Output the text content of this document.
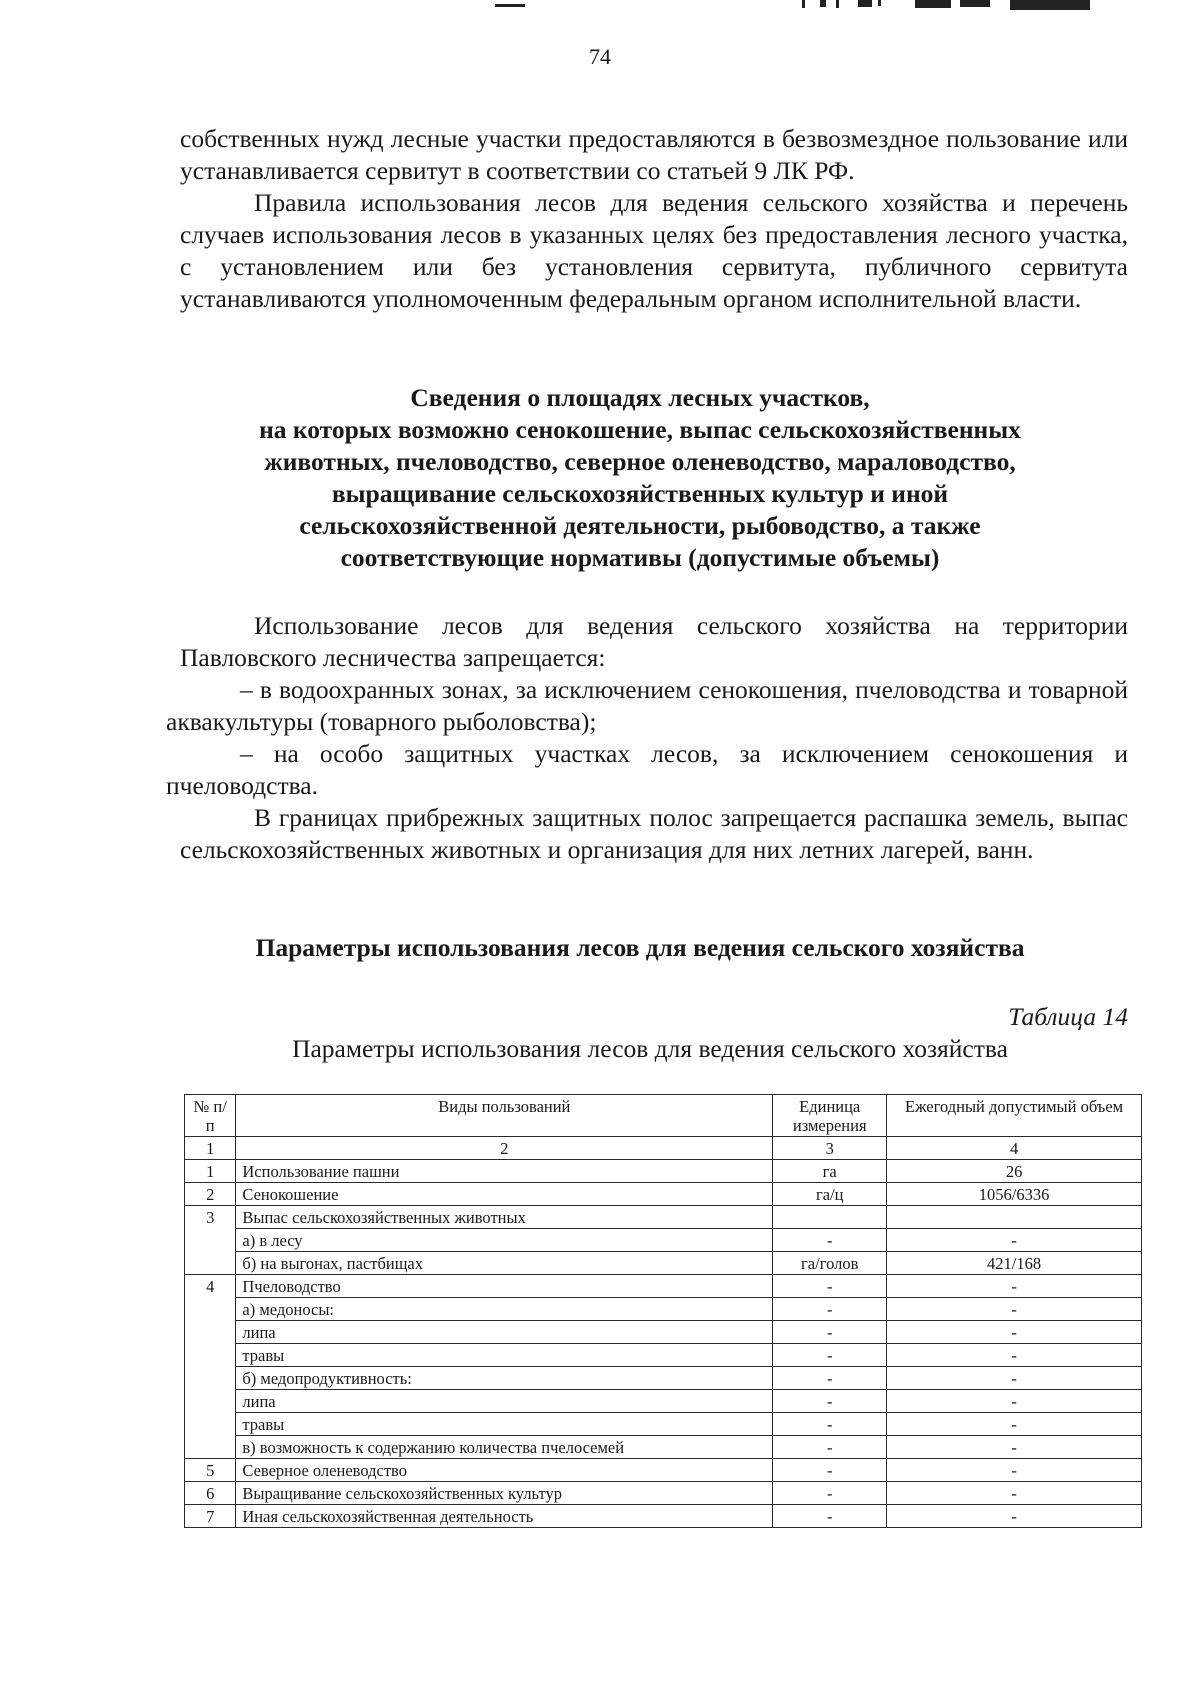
74

собственных нужд лесные участки предоставляются в безвозмездное пользование или устанавливается сервитут в соответствии со статьей 9 ЛК РФ.

Правила использования лесов для ведения сельского хозяйства и перечень случаев использования лесов в указанных целях без предоставления лесного участка, с установлением или без установления сервитута, публичного сервитута устанавливаются уполномоченным федеральным органом исполнительной власти.

Сведения о площадях лесных участков,
на которых возможно сенокошение, выпас сельскохозяйственных
животных, пчеловодство, северное оленеводство, мараловодство,
выращивание сельскохозяйственных культур и иной
сельскохозяйственной деятельности, рыбоводство, а также
соответствующие нормативы (допустимые объемы)

Использование лесов для ведения сельского хозяйства на территории Павловского лесничества запрещается:

– в водоохранных зонах, за исключением сенокошения, пчеловодства и товарной аквакультуры (товарного рыболовства);

– на особо защитных участках лесов, за исключением сенокошения и пчеловодства.

В границах прибрежных защитных полос запрещается распашка земель, выпас сельскохозяйственных животных и организация для них летних лагерей, ванн.

Параметры использования лесов для ведения сельского хозяйства
Таблица 14
Параметры использования лесов для ведения сельского хозяйства
№ п/п	Виды пользований	Единица измерения	Ежегодный допустимый объем
1	2	3	4
1	Использование пашни	га	26
2	Сенокошение	га/ц	1056/6336
3	Выпас сельскохозяйственных животных		
	а) в лесу	-	-
	б) на выгонах, пастбищах	га/голов	421/168
4	Пчеловодство	-	-
	а) медоносы:	-	-
	липа	-	-
	травы	-	-
	б) медопродуктивность:	-	-
	липа	-	-
	травы	-	-
	в) возможность к содержанию количества пчелосемей	-	-
5	Северное оленеводство	-	-
6	Выращивание сельскохозяйственных культур	-	-
7	Иная сельскохозяйственная деятельность	-	-
